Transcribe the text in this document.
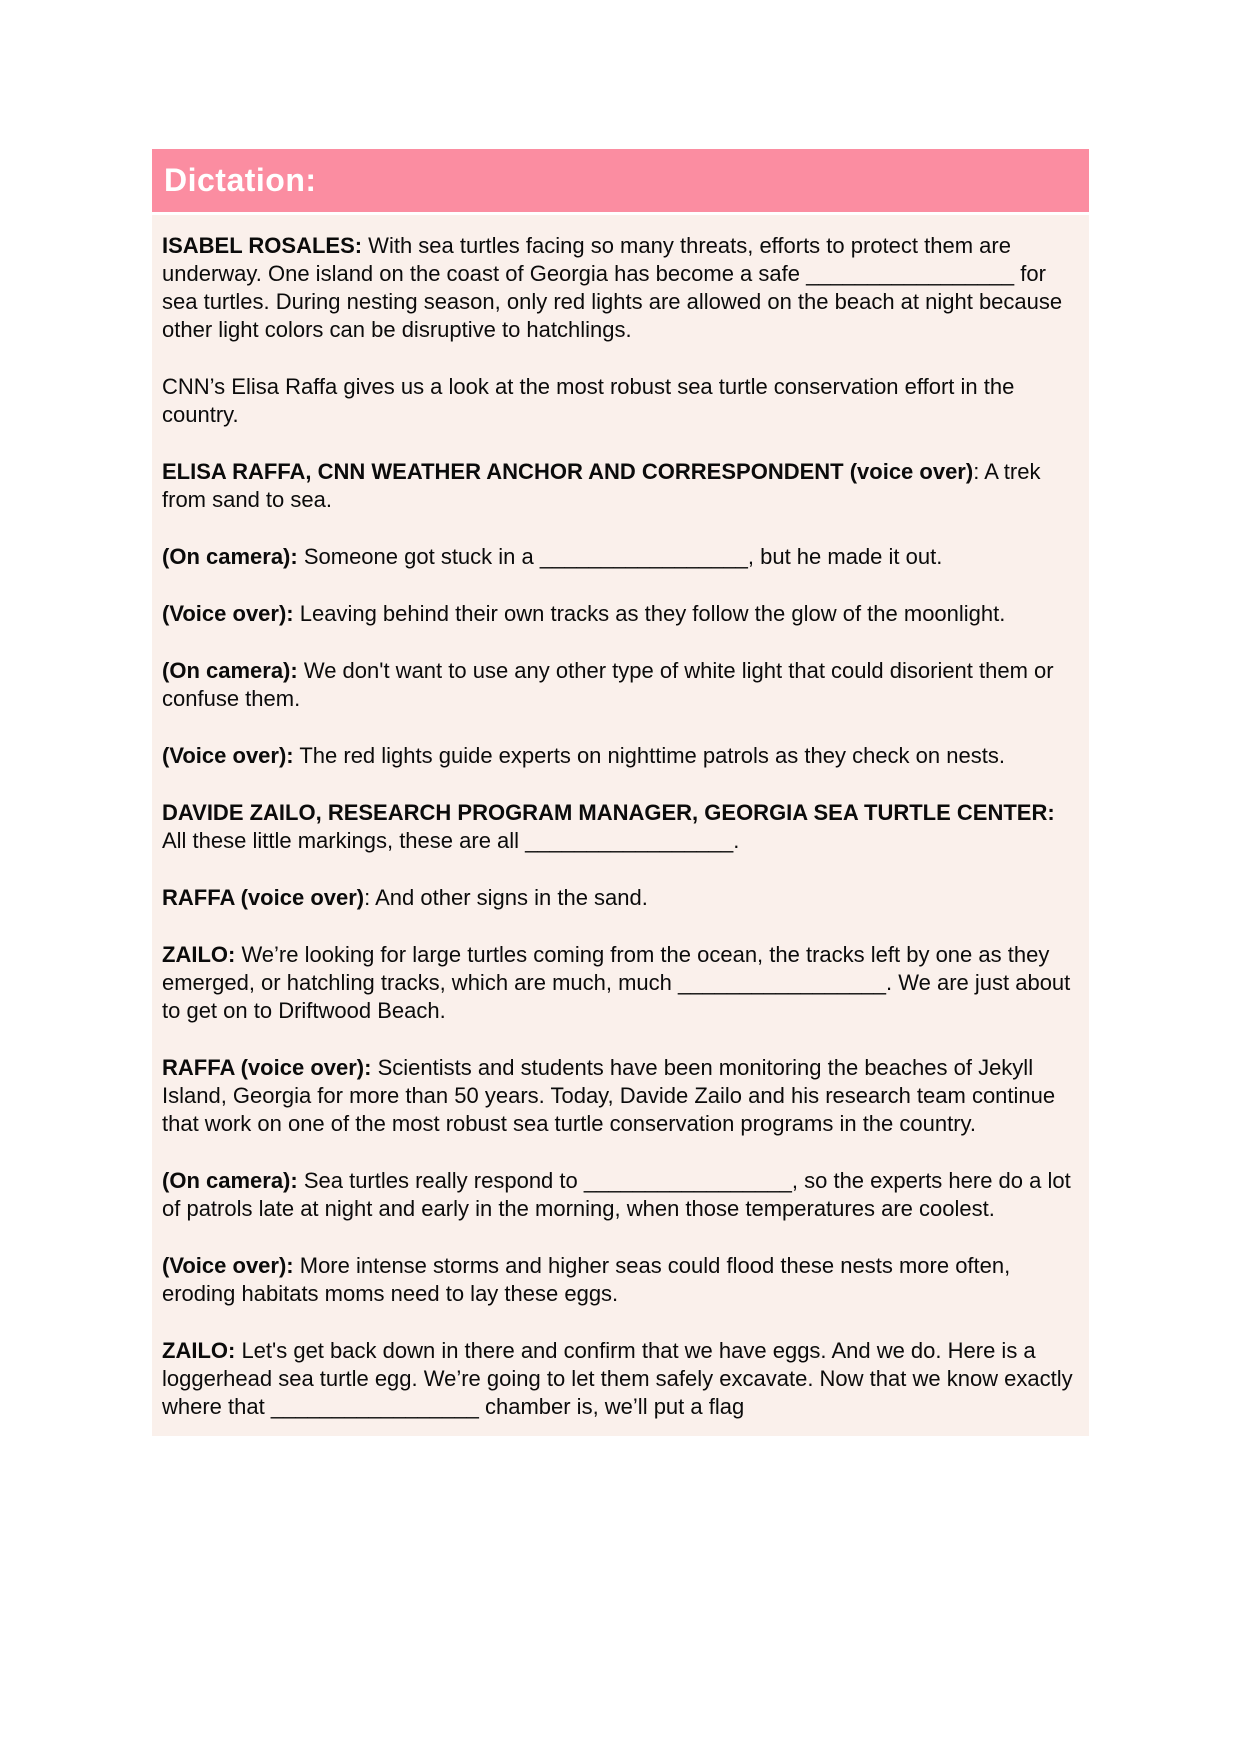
Dictation:

ISABEL ROSALES: With sea turtles facing so many threats, efforts to protect them are underway. One island on the coast of Georgia has become a safe _________________ for sea turtles. During nesting season, only red lights are allowed on the beach at night because other light colors can be disruptive to hatchlings.

CNN’s Elisa Raffa gives us a look at the most robust sea turtle conservation effort in the country.

ELISA RAFFA, CNN WEATHER ANCHOR AND CORRESPONDENT (voice over): A trek from sand to sea.

(On camera): Someone got stuck in a _________________, but he made it out.

(Voice over): Leaving behind their own tracks as they follow the glow of the moonlight.

(On camera): We don't want to use any other type of white light that could disorient them or confuse them.

(Voice over): The red lights guide experts on nighttime patrols as they check on nests.

DAVIDE ZAILO, RESEARCH PROGRAM MANAGER, GEORGIA SEA TURTLE CENTER: All these little markings, these are all _________________.

RAFFA (voice over): And other signs in the sand.

ZAILO: We’re looking for large turtles coming from the ocean, the tracks left by one as they emerged, or hatchling tracks, which are much, much _________________. We are just about to get on to Driftwood Beach.

RAFFA (voice over): Scientists and students have been monitoring the beaches of Jekyll Island, Georgia for more than 50 years. Today, Davide Zailo and his research team continue that work on one of the most robust sea turtle conservation programs in the country.

(On camera): Sea turtles really respond to _________________, so the experts here do a lot of patrols late at night and early in the morning, when those temperatures are coolest.

(Voice over): More intense storms and higher seas could flood these nests more often, eroding habitats moms need to lay these eggs.

ZAILO: Let's get back down in there and confirm that we have eggs. And we do. Here is a loggerhead sea turtle egg. We’re going to let them safely excavate. Now that we know exactly where that _________________ chamber is, we’ll put a flag
